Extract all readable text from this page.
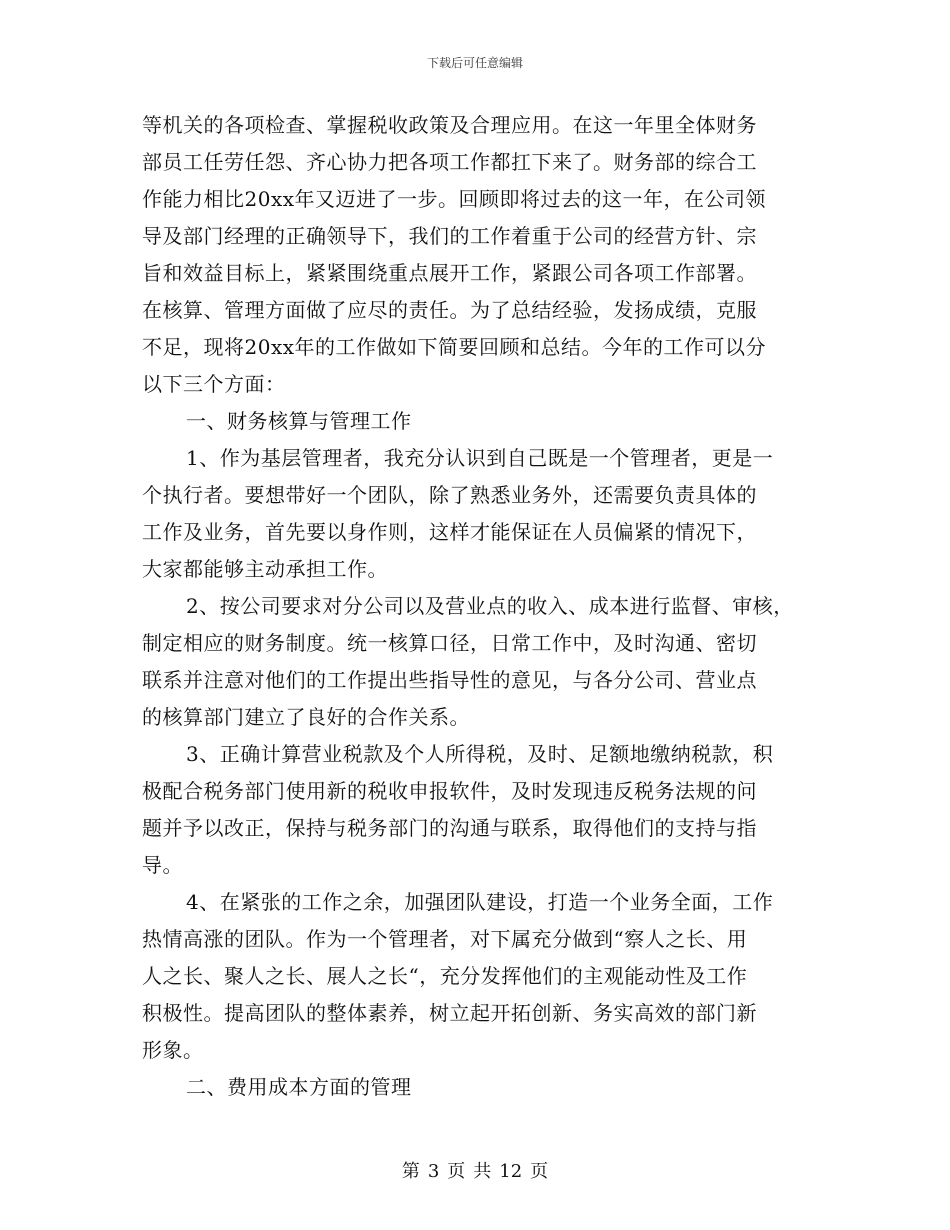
下载后可任意编辑
等机关的各项检查、掌握税收政策及合理应用。在这一年里全体财务
部员工任劳任怨、齐心协力把各项工作都扛下来了。财务部的综合工
作能力相比20xx年又迈进了一步。回顾即将过去的这一年，在公司领
导及部门经理的正确领导下，我们的工作着重于公司的经营方针、宗
旨和效益目标上，紧紧围绕重点展开工作，紧跟公司各项工作部署。
在核算、管理方面做了应尽的责任。为了总结经验，发扬成绩，克服
不足，现将20xx年的工作做如下简要回顾和总结。今年的工作可以分
以下三个方面：
一、财务核算与管理工作
1、作为基层管理者，我充分认识到自己既是一个管理者，更是一
个执行者。要想带好一个团队，除了熟悉业务外，还需要负责具体的
工作及业务，首先要以身作则，这样才能保证在人员偏紧的情况下，
大家都能够主动承担工作。
2、按公司要求对分公司以及营业点的收入、成本进行监督、审核，
制定相应的财务制度。统一核算口径，日常工作中，及时沟通、密切
联系并注意对他们的工作提出些指导性的意见，与各分公司、营业点
的核算部门建立了良好的合作关系。
3、正确计算营业税款及个人所得税，及时、足额地缴纳税款，积
极配合税务部门使用新的税收申报软件，及时发现违反税务法规的问
题并予以改正，保持与税务部门的沟通与联系，取得他们的支持与指
导。
4、在紧张的工作之余，加强团队建设，打造一个业务全面，工作
热情高涨的团队。作为一个管理者，对下属充分做到“察人之长、用
人之长、聚人之长、展人之长“，充分发挥他们的主观能动性及工作
积极性。提高团队的整体素养，树立起开拓创新、务实高效的部门新
形象。
二、费用成本方面的管理
第 3 页 共 12 页
